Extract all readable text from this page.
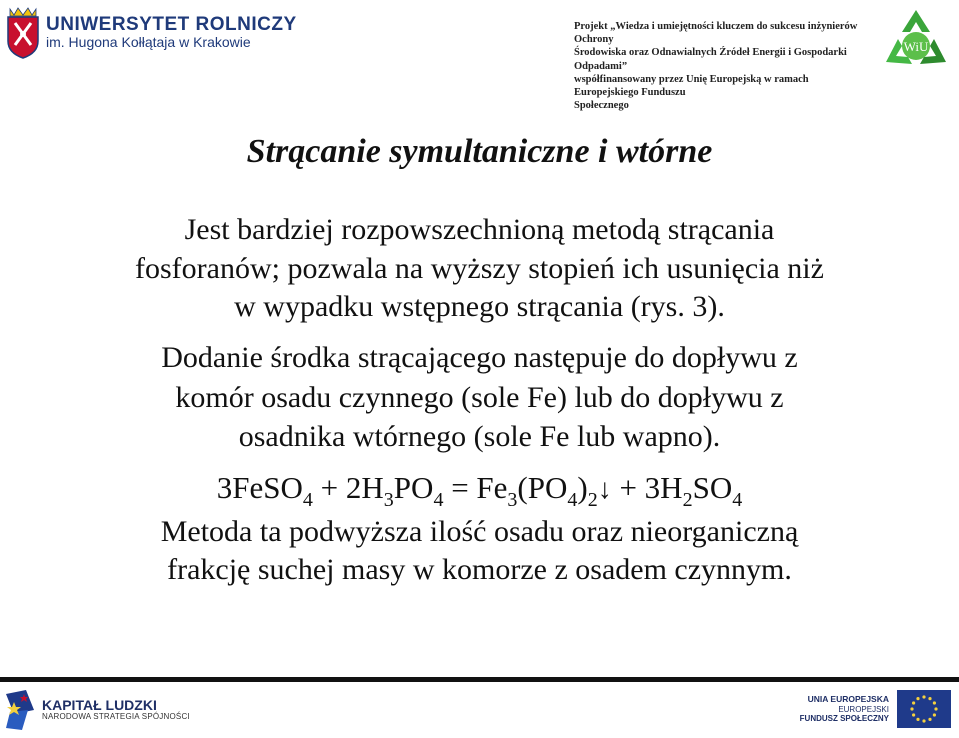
UNIWERSYTET ROLNICZY
im. Hugona Kołłątaja w Krakowie
Projekt „Wiedza i umiejętności kluczem do sukcesu inżynierów Ochrony
Środowiska oraz Odnawialnych Źródeł Energii i Gospodarki Odpadami”
współfinansowany przez Unię Europejską w ramach Europejskiego Funduszu
Społecznego
WiU
Strącanie symultaniczne i wtórne
Jest bardziej rozpowszechnioną metodą strącania
fosforanów; pozwala na wyższy stopień ich usunięcia niż
w wypadku wstępnego strącania (rys. 3).
Dodanie środka strącającego następuje do dopływu z
komór osadu czynnego (sole Fe) lub do dopływu z
osadnika wtórnego (sole Fe lub wapno).
3FeSO$_4$ + $2H_3PO_4$ = $Fe_3(PO_4)_2↓ + 3H_2SO_4$
Metoda ta podwyższa ilość osadu oraz nieorganiczną
frakcję suchej masy w komorze z osadem czynnym.
KAPITAŁ LUDZKI
NARODOWA STRATEGIA SPÓJNOŚCI
UNIA EUROPEJSKA
EUROPEJSKI
FUNDUSZ SPOŁECZNY
